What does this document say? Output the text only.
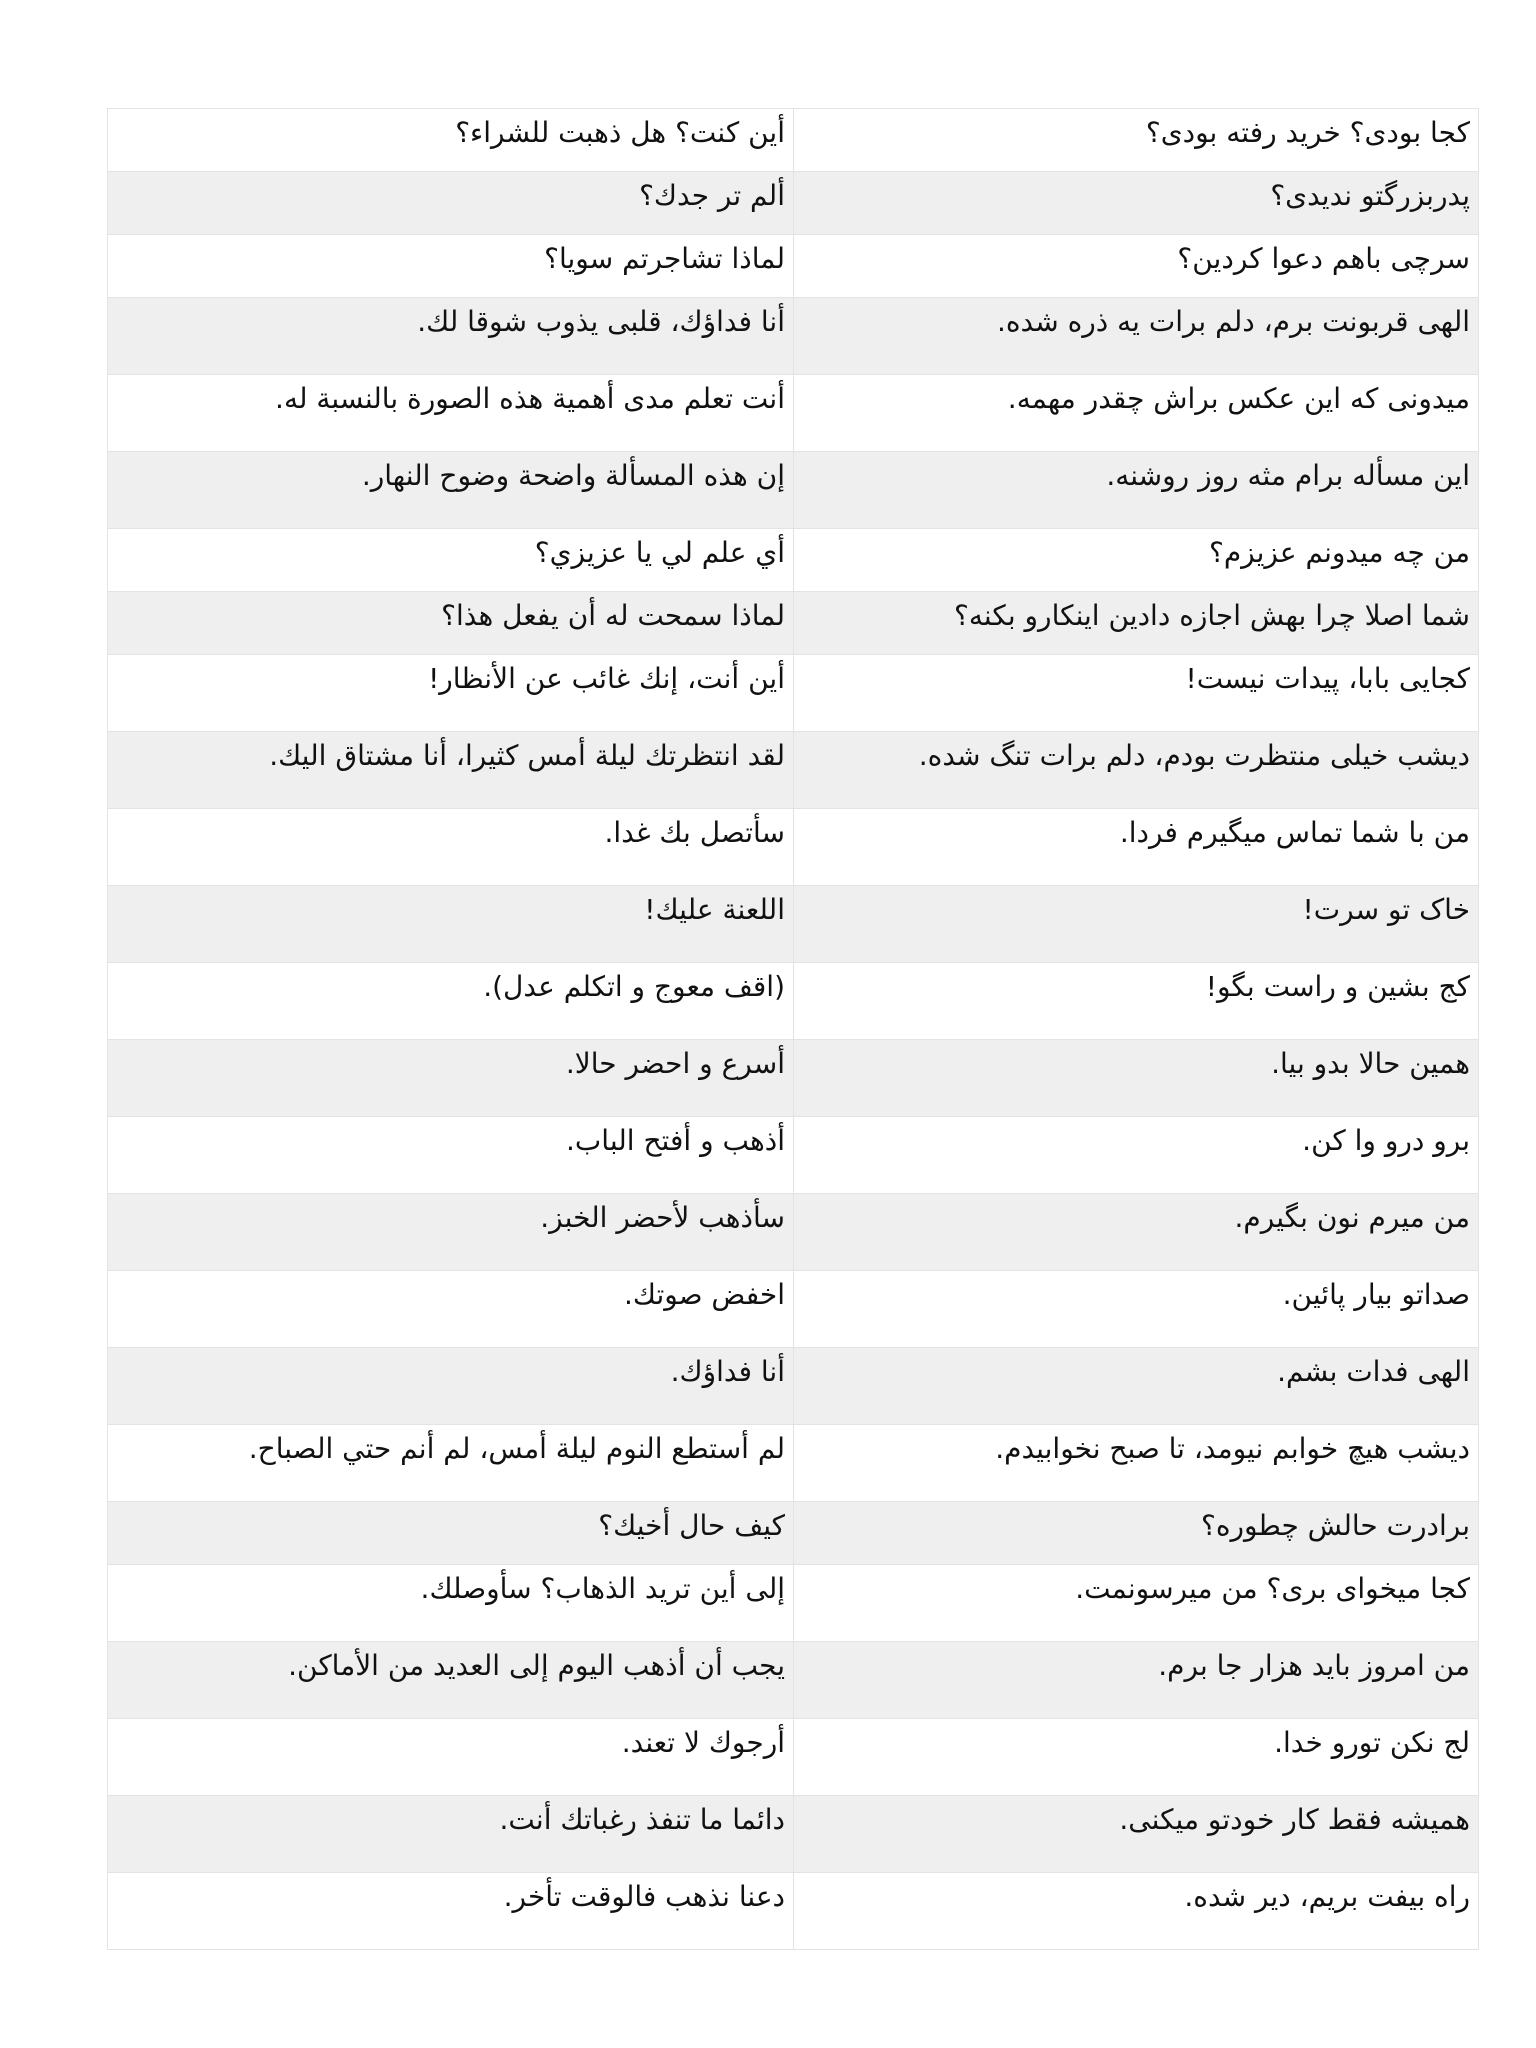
أين كنت؟ هل ذهبت للشراء؟	کجا بودی؟ خرید رفته بودی؟
ألم تر جدك؟	پدربزرگتو ندیدی؟
لماذا تشاجرتم سويا؟	سرچی باهم دعوا کردین؟
أنا فداؤك، قلبی يذوب شوقا لك.	الهی قربونت برم، دلم برات یه ذره شده.
أنت تعلم مدى أهمية هذه الصورة بالنسبة له.	میدونی که این عکس براش چقدر مهمه.
إن هذه المسألة واضحة وضوح النهار.	این مسأله برام مثه روز روشنه.
أي علم لي يا عزيزي؟	من چه میدونم عزیزم؟
لماذا سمحت له أن يفعل هذا؟	شما اصلا چرا بهش اجازه دادین اینکارو بکنه؟
أين أنت، إنك غائب عن الأنظار!	کجایی بابا، پیدات نیست!
لقد انتظرتك ليلة أمس كثيرا، أنا مشتاق اليك.	دیشب خیلی منتظرت بودم، دلم برات تنگ شده.
سأتصل بك غدا.	من با شما تماس میگیرم فردا.
اللعنة عليك!	خاک تو سرت!
(اقف معوج و اتكلم عدل).	کج بشین و راست بگو!
أسرع و احضر حالا.	همین حالا بدو بیا.
أذهب و أفتح الباب.	برو درو وا کن.
سأذهب لأحضر الخبز.	من میرم نون بگیرم.
اخفض صوتك.	صداتو بیار پائین.
أنا فداؤك.	الهی فدات بشم.
لم أستطع النوم ليلة أمس، لم أنم حتي الصباح.	دیشب هیچ خوابم نیومد، تا صبح نخوابیدم.
كيف حال أخيك؟	برادرت حالش چطوره؟
إلى أين تريد الذهاب؟ سأوصلك.	کجا میخوای بری؟ من میرسونمت.
يجب أن أذهب اليوم إلى العديد من الأماكن.	من امروز باید هزار جا برم.
أرجوك لا تعند.	لج نکن تورو خدا.
دائما ما تنفذ رغباتك أنت.	همیشه فقط کار خودتو میکنی.
دعنا نذهب فالوقت تأخر.	راه بیفت بریم، دیر شده.
